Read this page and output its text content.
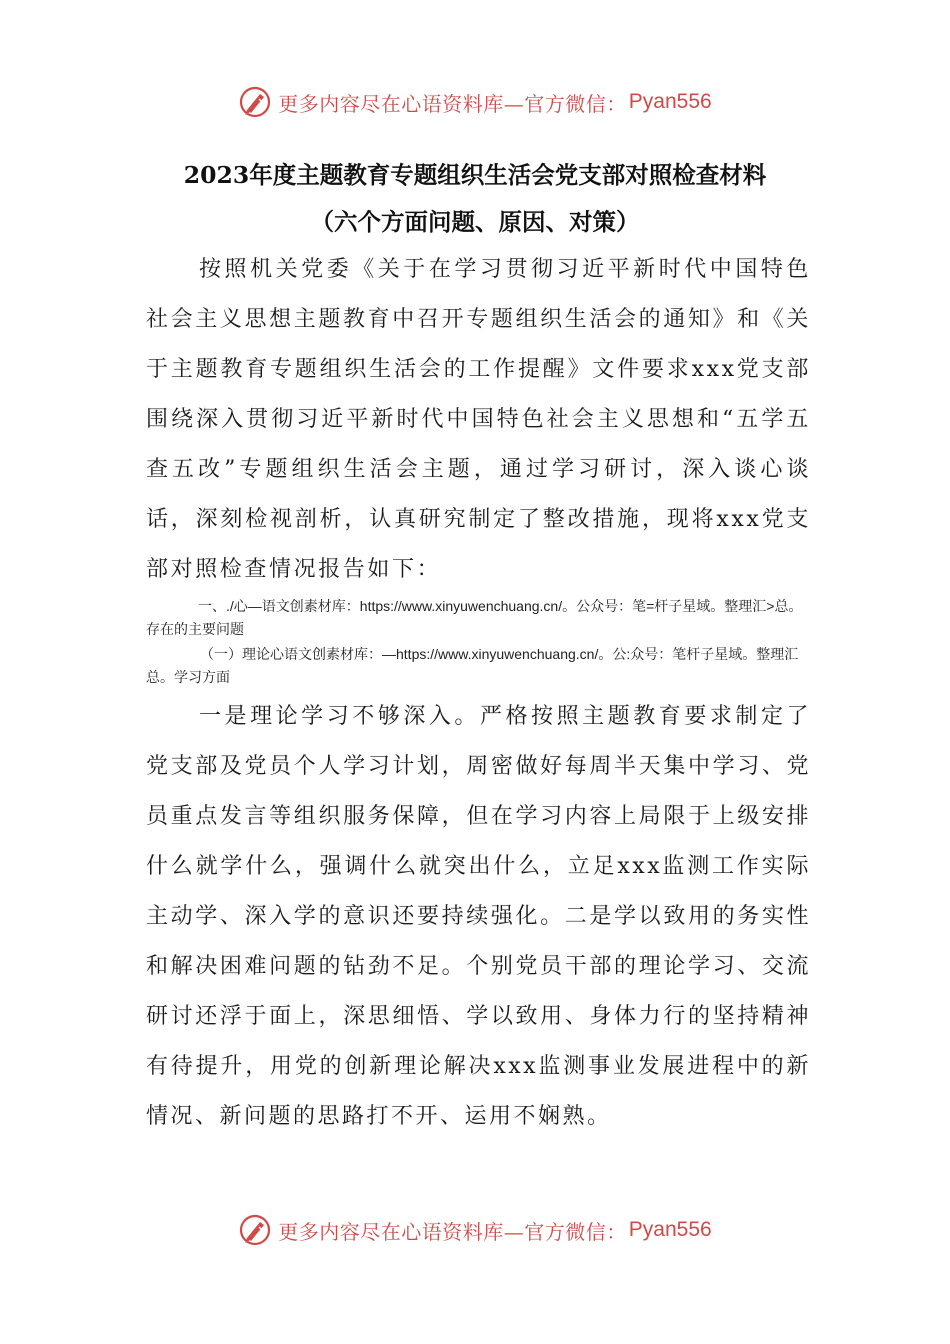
更多内容尽在心语资料库—官方微信： Pyan556
2023年度主题教育专题组织生活会党支部对照检查材料
（六个方面问题、原因、对策）

按照机关党委《关于在学习贯彻习近平新时代中国特色社会主义思想主题教育中召开专题组织生活会的通知》和《关于主题教育专题组织生活会的工作提醒》文件要求xxx党支部围绕深入贯彻习近平新时代中国特色社会主义思想和“五学五查五改”专题组织生活会主题，通过学习研讨，深入谈心谈话，深刻检视剖析，认真研究制定了整改措施，现将xxx党支部对照检查情况报告如下：

一、./心—语文创素材库：https://www.xinyuwenchuang.cn/。公众号：笔=杆子星域。整理汇>总。存在的主要问题

（一）理论心语文创素材库：—https://www.xinyuwenchuang.cn/。公:众号：笔杆子星域。整理汇总。学习方面

一是理论学习不够深入。严格按照主题教育要求制定了党支部及党员个人学习计划，周密做好每周半天集中学习、党员重点发言等组织服务保障，但在学习内容上局限于上级安排什么就学什么，强调什么就突出什么，立足xxx监测工作实际主动学、深入学的意识还要持续强化。二是学以致用的务实性和解决困难问题的钻劲不足。个别党员干部的理论学习、交流研讨还浮于面上，深思细悟、学以致用、身体力行的坚持精神有待提升，用党的创新理论解决xxx监测事业发展进程中的新情况、新问题的思路打不开、运用不娴熟。

更多内容尽在心语资料库—官方微信： Pyan556
